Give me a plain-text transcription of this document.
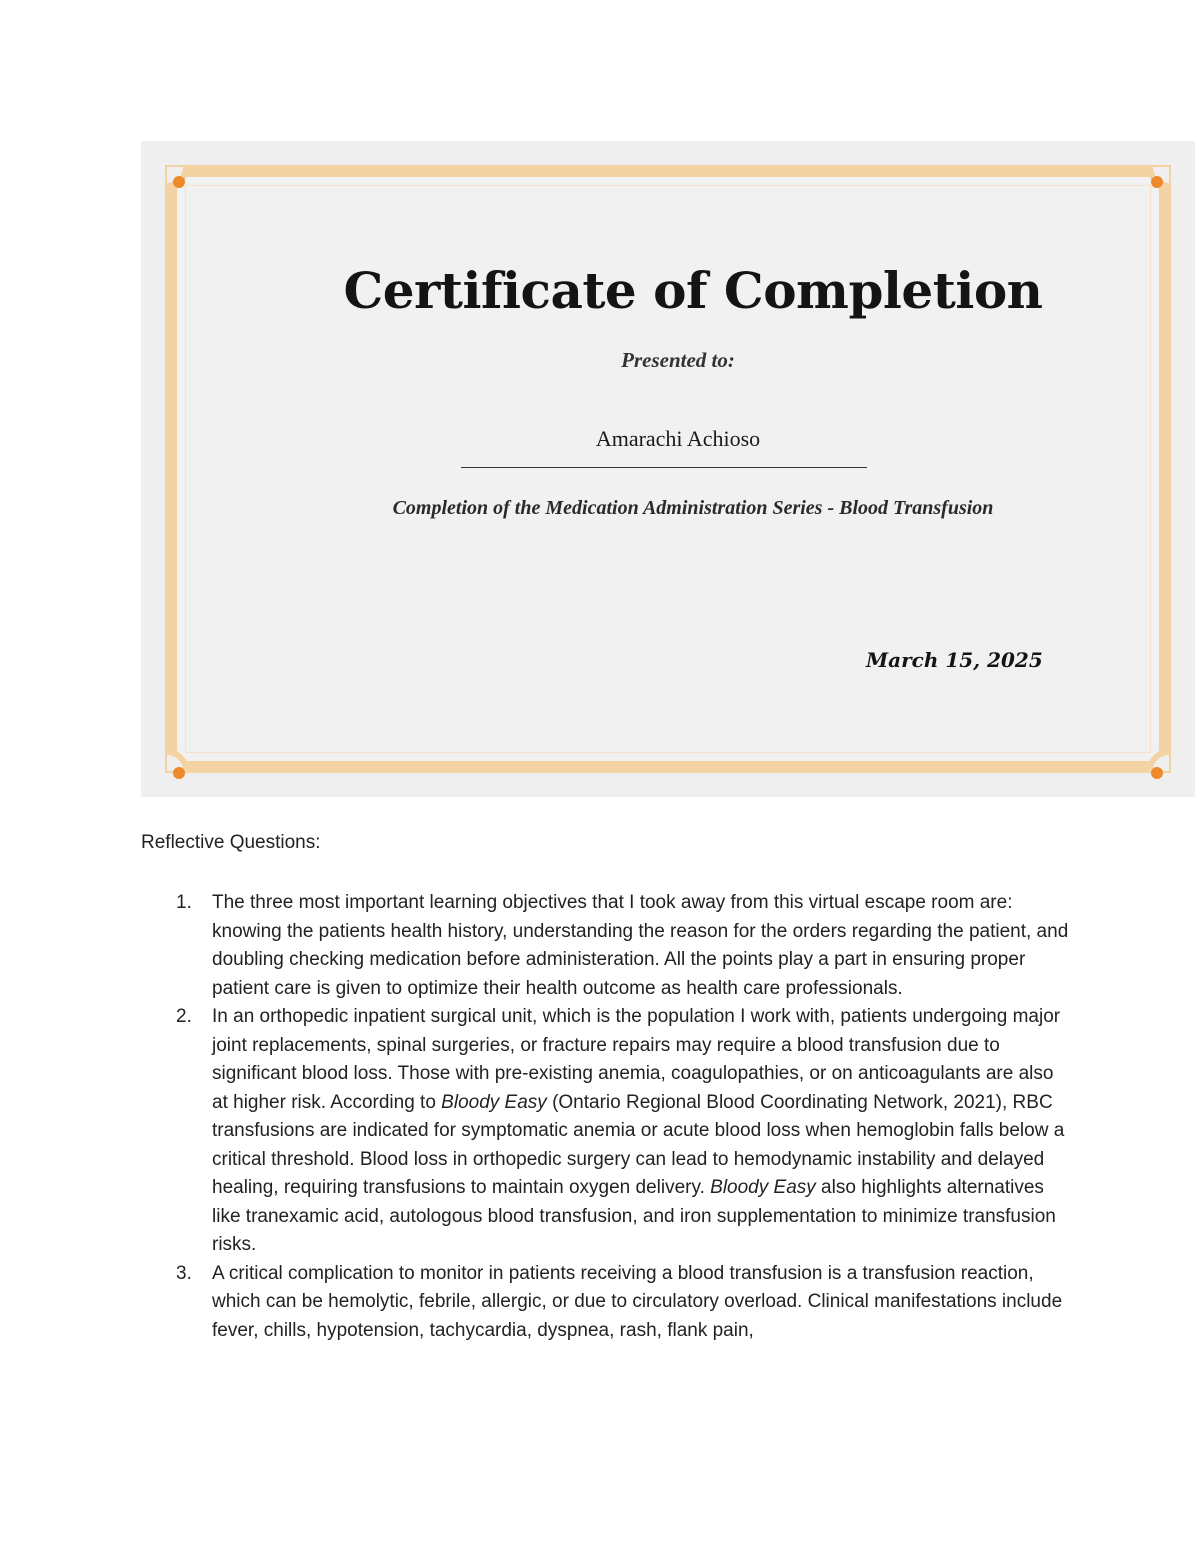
Certificate of Completion
Presented to:
Amarachi Achioso
Completion of the Medication Administration Series - Blood Transfusion
March 15, 2025
Reflective Questions:
1. The three most important learning objectives that I took away from this virtual escape room are: knowing the patients health history, understanding the reason for the orders regarding the patient, and doubling checking medication before administeration. All the points play a part in ensuring proper patient care is given to optimize their health outcome as health care professionals.
2. In an orthopedic inpatient surgical unit, which is the population I work with, patients undergoing major joint replacements, spinal surgeries, or fracture repairs may require a blood transfusion due to significant blood loss. Those with pre-existing anemia, coagulopathies, or on anticoagulants are also at higher risk. According to Bloody Easy (Ontario Regional Blood Coordinating Network, 2021), RBC transfusions are indicated for symptomatic anemia or acute blood loss when hemoglobin falls below a critical threshold. Blood loss in orthopedic surgery can lead to hemodynamic instability and delayed healing, requiring transfusions to maintain oxygen delivery. Bloody Easy also highlights alternatives like tranexamic acid, autologous blood transfusion, and iron supplementation to minimize transfusion risks.
3. A critical complication to monitor in patients receiving a blood transfusion is a transfusion reaction, which can be hemolytic, febrile, allergic, or due to circulatory overload. Clinical manifestations include fever, chills, hypotension, tachycardia, dyspnea, rash, flank pain,
